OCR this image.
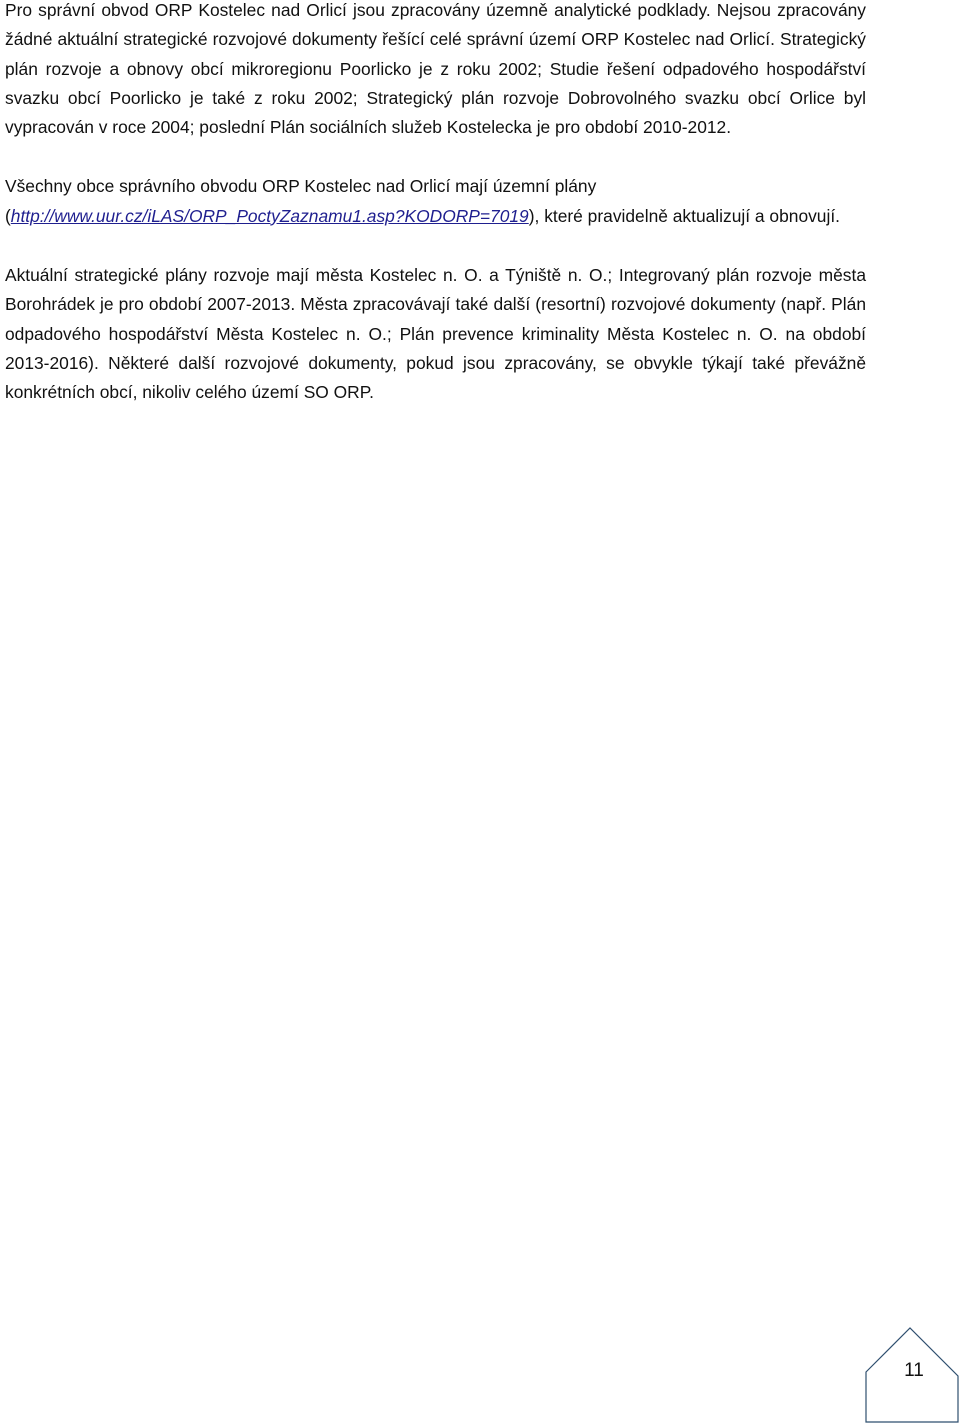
Pro správní obvod ORP Kostelec nad Orlicí jsou zpracovány územně analytické podklady. Nejsou zpracovány žádné aktuální strategické rozvojové dokumenty řešící celé správní území ORP Kostelec nad Orlicí. Strategický plán rozvoje a obnovy obcí mikroregionu Poorlicko je z roku 2002; Studie řešení odpadového hospodářství svazku obcí Poorlicko je také z roku 2002; Strategický plán rozvoje Dobrovolného svazku obcí Orlice byl vypracován v roce 2004; poslední Plán sociálních služeb Kostelecka je pro období 2010-2012.

Všechny obce správního obvodu ORP Kostelec nad Orlicí mají územní plány (http://www.uur.cz/iLAS/ORP_PoctyZaznamu1.asp?KODORP=7019), které pravidelně aktualizují a obnovují.

Aktuální strategické plány rozvoje mají města Kostelec n. O. a Týniště n. O.; Integrovaný plán rozvoje města Borohrádek je pro období 2007-2013. Města zpracovávají také další (resortní) rozvojové dokumenty (např. Plán odpadového hospodářství Města Kostelec n. O.; Plán prevence kriminality Města Kostelec n. O. na období 2013-2016). Některé další rozvojové dokumenty, pokud jsou zpracovány, se obvykle týkají také převážně konkrétních obcí, nikoliv celého území SO ORP.

11
